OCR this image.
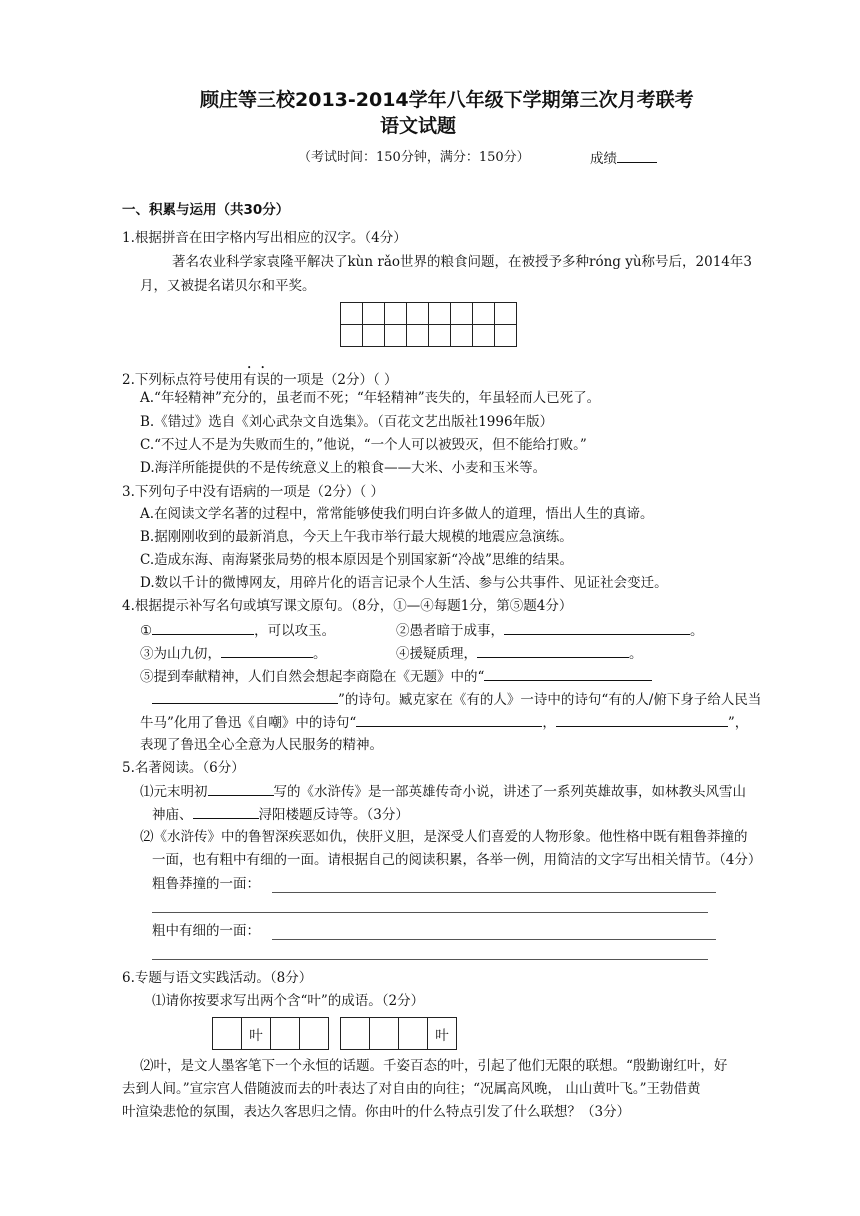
顾庄等三校2013-2014学年八年级下学期第三次月考联考
语文试题
（考试时间：150分钟，满分：150分）	成绩
一、积累与运用（共30分）
1.根据拼音在田字格内写出相应的汉字。（4分）
著名农业科学家袁隆平解决了kùn rǎo世界的粮食问题，在被授予多种róng yù称号后，2014年3
月，又被提名诺贝尔和平奖。

2.下列标点符号使用有误的一项是（2分）（ ）
A.“年轻精神”充分的，虽老而不死；“年轻精神”丧失的，年虽轻而人已死了。
B.《错过》选自《刘心武杂文自选集》。（百花文艺出版社1996年版）
C.“不过人不是为失败而生的，”他说，“一个人可以被毁灭，但不能给打败。”
D.海洋所能提供的不是传统意义上的粮食——大米、小麦和玉米等。
3.下列句子中没有语病的一项是（2分）（ ）
A.在阅读文学名著的过程中，常常能够使我们明白许多做人的道理，悟出人生的真谛。
B.据刚刚收到的最新消息，今天上午我市举行最大规模的地震应急演练。
C.造成东海、南海紧张局势的根本原因是个别国家新“冷战”思维的结果。
D.数以千计的微博网友，用碎片化的语言记录个人生活、参与公共事件、见证社会变迁。
4.根据提示补写名句或填写课文原句。（8分，①—④每题1分，第⑤题4分）
①	，可以攻玉。	②愚者暗于成事，	。
③为山九仞，	。	④援疑质理，	。
⑤提到奉献精神，人们自然会想起李商隐在《无题》中的“
”的诗句。臧克家在《有的人》一诗中的诗句“有的人/俯下身子给人民当
牛马”化用了鲁迅《自嘲》中的诗句“	，	”，
表现了鲁迅全心全意为人民服务的精神。
5.名著阅读。（6分）
⑴元末明初	写的《水浒传》是一部英雄传奇小说，讲述了一系列英雄故事，如林教头风雪山
神庙、	浔阳楼题反诗等。（3分）
⑵《水浒传》中的鲁智深疾恶如仇，侠肝义胆，是深受人们喜爱的人物形象。他性格中既有粗鲁莽撞的
一面，也有粗中有细的一面。请根据自己的阅读积累，各举一例，用简洁的文字写出相关情节。（4分）
粗鲁莽撞的一面：
粗中有细的一面：
6.专题与语文实践活动。（8分）
⑴请你按要求写出两个含“叶”的成语。（2分）
	叶		
				叶
⑵叶，是文人墨客笔下一个永恒的话题。千姿百态的叶，引起了他们无限的联想。“殷勤谢红叶，好
去到人间。”宣宗宫人借随波而去的叶表达了对自由的向往；“况属高风晚， 山山黄叶飞。”王勃借黄
叶渲染悲怆的氛围，表达久客思归之情。你由叶的什么特点引发了什么联想？（3分）
